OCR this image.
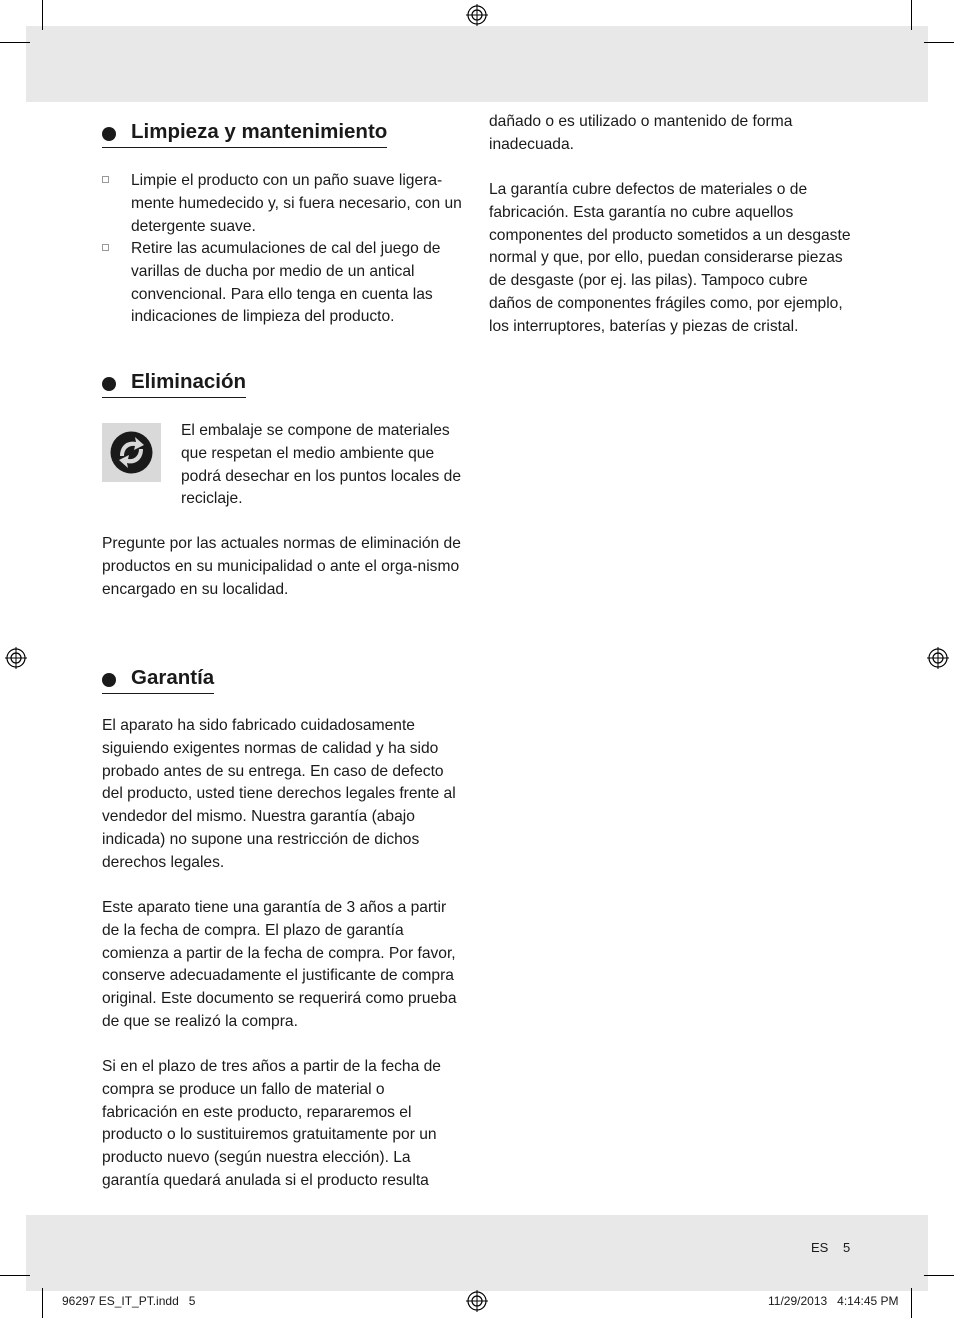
Limpieza y mantenimiento
Limpie el producto con un paño suave ligera-mente humedecido y, si fuera necesario, con un detergente suave.
Retire las acumulaciones de cal del juego de varillas de ducha por medio de un antical convencional. Para ello tenga en cuenta las indicaciones de limpieza del producto.
Eliminación

El embalaje se compone de materiales que respetan el medio ambiente que podrá desechar en los puntos locales de reciclaje.

Pregunte por las actuales normas de eliminación de productos en su municipalidad o ante el orga-nismo encargado en su localidad.

Garantía

El aparato ha sido fabricado cuidadosamente siguiendo exigentes normas de calidad y ha sido probado antes de su entrega. En caso de defecto del producto, usted tiene derechos legales frente al vendedor del mismo. Nuestra garantía (abajo indicada) no supone una restricción de dichos derechos legales.

Este aparato tiene una garantía de 3 años a partir de la fecha de compra. El plazo de garantía comienza a partir de la fecha de compra. Por favor, conserve adecuadamente el justificante de compra original. Este documento se requerirá como prueba de que se realizó la compra.

Si en el plazo de tres años a partir de la fecha de compra se produce un fallo de material o fabricación en este producto, repararemos el producto o lo sustituiremos gratuitamente por un producto nuevo (según nuestra elección). La garantía quedará anulada si el producto resulta

dañado o es utilizado o mantenido de forma inadecuada.

La garantía cubre defectos de materiales o de fabricación. Esta garantía no cubre aquellos componentes del producto sometidos a un desgaste normal y que, por ello, puedan considerarse piezas de desgaste (por ej. las pilas). Tampoco cubre daños de componentes frágiles como, por ejemplo, los interruptores, baterías y piezas de cristal.

ES 5
96297 ES_IT_PT.indd   5	11/29/2013   4:14:45 PM
